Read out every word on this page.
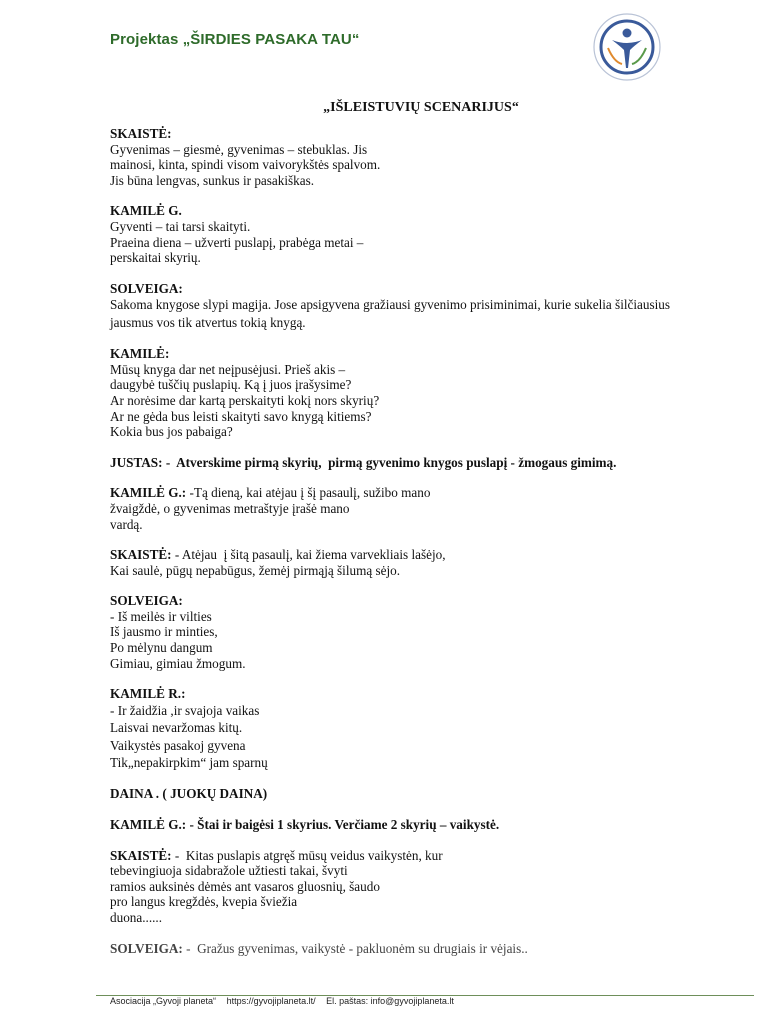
Projektas „ŠIRDIES PASAKA TAU“
„IŠLEISTUVIŲ SCENARIJUS“
SKAISTĖ:
Gyvenimas – giesmė, gyvenimas – stebuklas. Jis
mainosi, kinta, spindi visom vaivorykštės spalvom.
Jis būna lengvas, sunkus ir pasakiškas.
KAMILĖ G.
Gyventi – tai tarsi skaityti.
Praeina diena – užverti puslapį, prabėga metai –
perskaitai skyrių.
SOLVEIGA:
Sakoma knygose slypi magija. Jose apsigyvena gražiausi gyvenimo prisiminimai, kurie sukelia šilčiausius
jausmus vos tik atvertus tokią knygą.
KAMILĖ:
Mūsų knyga dar net neįpusėjusi. Prieš akis –
daugybė tuščių puslapių. Ką į juos įrašysime?
Ar norėsime dar kartą perskaityti kokį nors skyrių?
Ar ne gėda bus leisti skaityti savo knygą kitiems?
Kokia bus jos pabaiga?
JUSTAS: -  Atverskime pirmą skyrių,  pirmą gyvenimo knygos puslapį - žmogaus gimimą.
KAMILĖ G.: -Tą dieną, kai atėjau į šį pasaulį, sužibo mano
žvaigždė, o gyvenimas metraštyje įrašė mano
vardą.
SKAISTĖ: - Atėjau  į šitą pasaulį, kai žiema varvekliais lašėjo,
Kai saulė, pūgų nepabūgus, žemėj pirmąją šilumą sėjo.
SOLVEIGA:
- Iš meilės ir vilties
Iš jausmo ir minties,
Po mėlynu dangum
Gimiau, gimiau žmogum.
KAMILĖ R.:
- Ir žaidžia ,ir svajoja vaikas
Laisvai nevaržomas kitų.
Vaikystės pasakoj gyvena
Tik„nepakirpkim“ jam sparnų
DAINA . ( JUOKŲ DAINA)
KAMILĖ G.: - Štai ir baigėsi 1 skyrius. Verčiame 2 skyrių – vaikystė.
SKAISTĖ: -  Kitas puslapis atgręš mūsų veidus vaikystėn, kur
tebevingiuoja sidabražole užtiesti takai, švyti
ramios auksinės dėmės ant vasaros gluosnių, šaudo
pro langus kregždės, kvepia šviežia
duona......
SOLVEIGA: -  Gražus gyvenimas, vaikystė - pakluonėm su drugiais ir vėjais..
Asociacija „Gyvoji planeta“ https://gyvojiplaneta.lt/ El. paštas: info@gyvojiplaneta.lt
